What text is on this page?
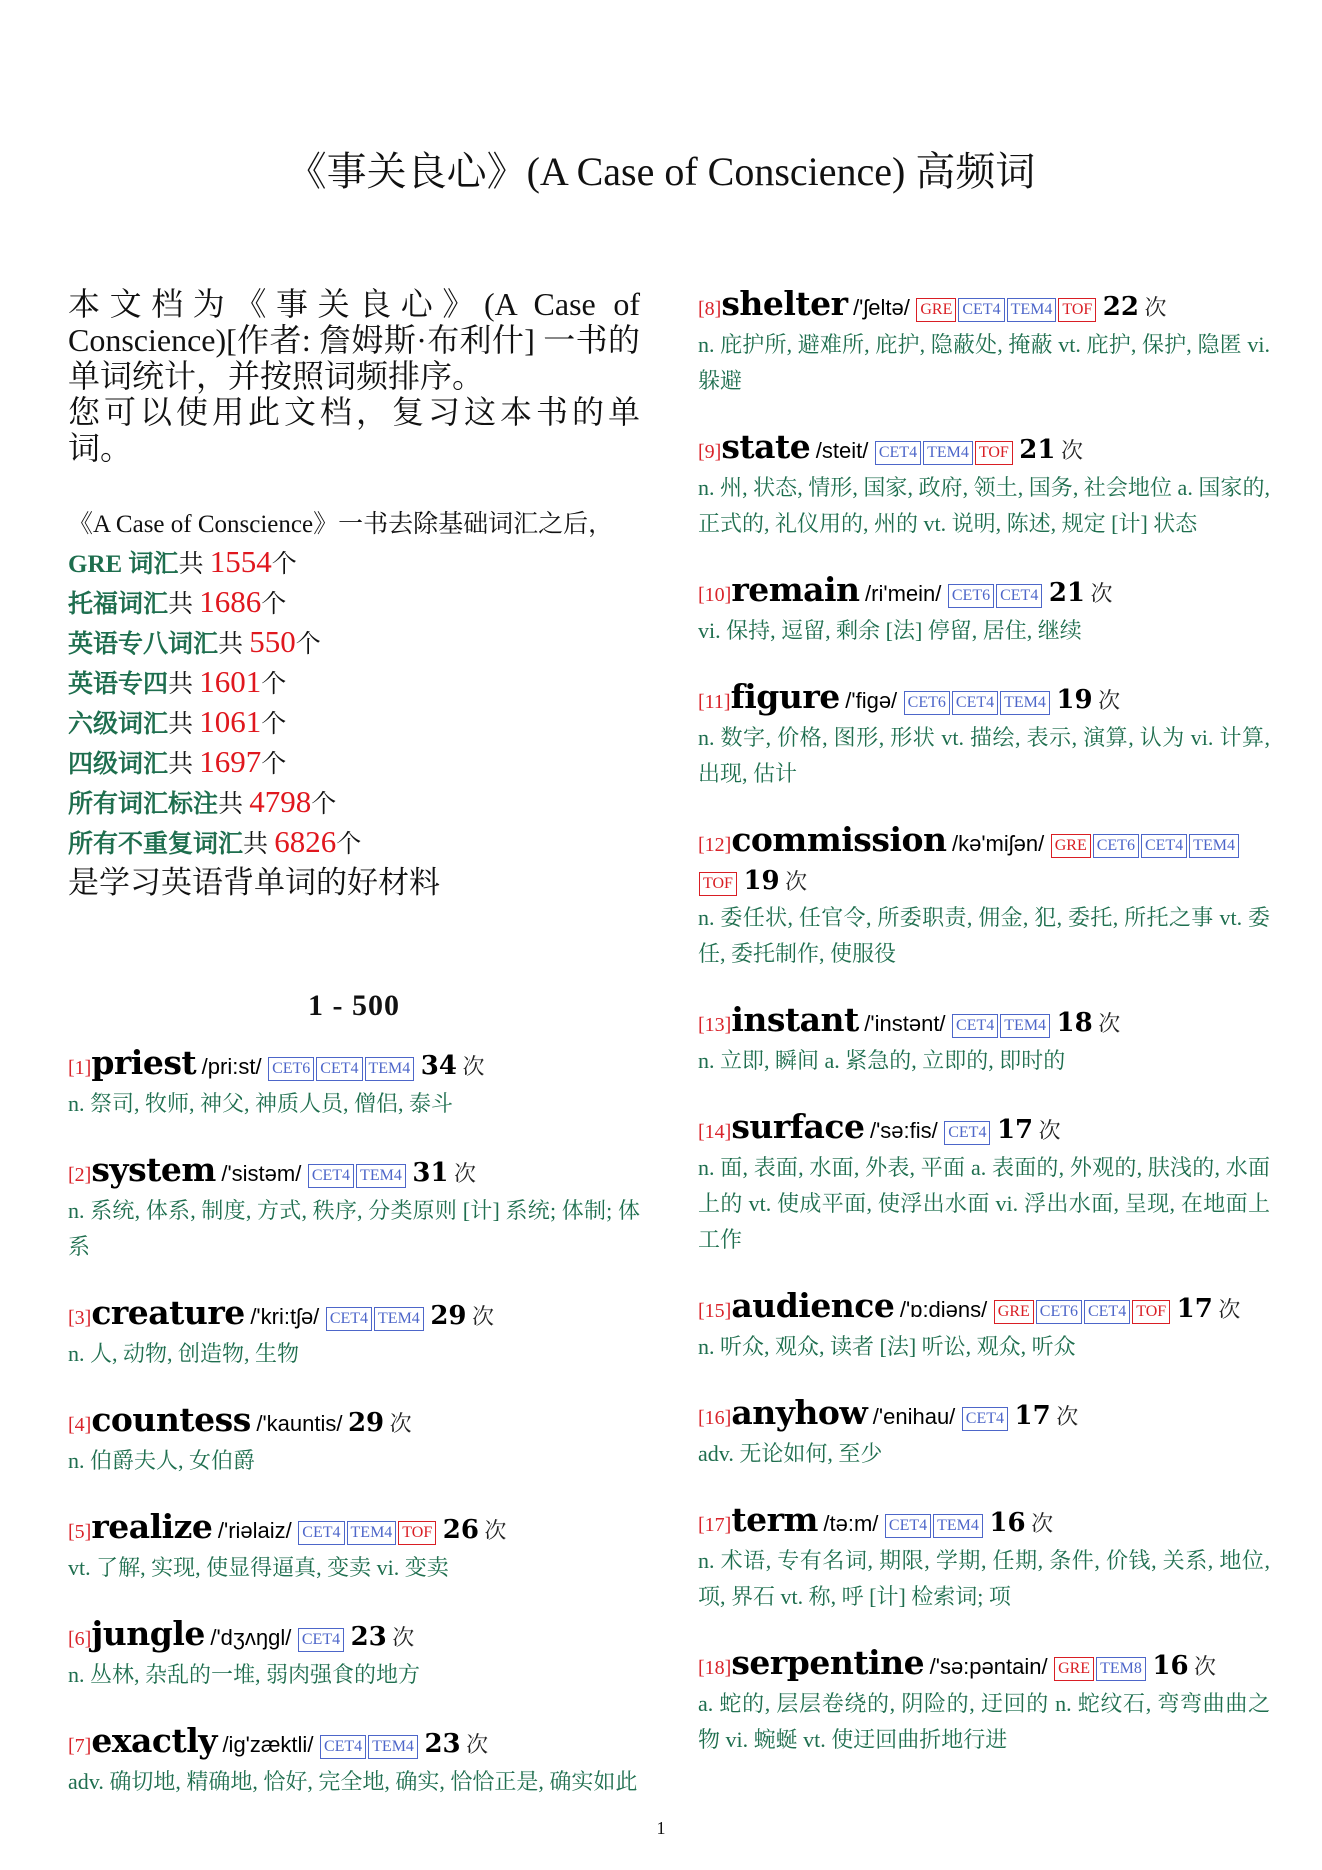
《事关良心》(A Case of Conscience) 高频词

本文档为《事关良心》(A Case of Conscience)[作者: 詹姆斯·布利什] 一书的单词统计，并按照词频排序。

您可以使用此文档，复习这本书的单词。

《A Case of Conscience》一书去除基础词汇之后，
GRE 词汇共 1554个
托福词汇共 1686个
英语专八词汇共 550个
英语专四共 1601个
六级词汇共 1061个
四级词汇共 1697个
所有词汇标注共 4798个
所有不重复词汇共 6826个
是学习英语背单词的好材料
1 - 500
[1]priest /pri:st/ CET6 CET4 TEM4 34 次
n. 祭司, 牧师, 神父, 神质人员, 僧侣, 泰斗
[2]system /'sistəm/ CET4 TEM4 31 次
n. 系统, 体系, 制度, 方式, 秩序, 分类原则 [计] 系统; 体制; 体系
[3]creature /'kri:tʃə/ CET4 TEM4 29 次
n. 人, 动物, 创造物, 生物
[4]countess /'kauntis/ 29 次
n. 伯爵夫人, 女伯爵
[5]realize /'riəlaiz/ CET4 TEM4 TOF 26 次
vt. 了解, 实现, 使显得逼真, 变卖 vi. 变卖
[6]jungle /'dʒʌŋgl/ CET4 23 次
n. 丛林, 杂乱的一堆, 弱肉强食的地方
[7]exactly /ig'zæktli/ CET4 TEM4 23 次
adv. 确切地, 精确地, 恰好, 完全地, 确实, 恰恰正是, 确实如此
[8]shelter /'ʃeltə/ GRE CET4 TEM4 TOF 22 次
n. 庇护所, 避难所, 庇护, 隐蔽处, 掩蔽 vt. 庇护, 保护, 隐匿 vi. 躲避
[9]state /steit/ CET4 TEM4 TOF 21 次
n. 州, 状态, 情形, 国家, 政府, 领土, 国务, 社会地位 a. 国家的, 正式的, 礼仪用的, 州的 vt. 说明, 陈述, 规定 [计] 状态
[10]remain /ri'mein/ CET6 CET4 21 次
vi. 保持, 逗留, 剩余 [法] 停留, 居住, 继续
[11]figure /'figə/ CET6 CET4 TEM4 19 次
n. 数字, 价格, 图形, 形状 vt. 描绘, 表示, 演算, 认为 vi. 计算, 出现, 估计
[12]commission /kə'miʃən/ GRE CET6 CET4 TEM4TOF 19 次
n. 委任状, 任官令, 所委职责, 佣金, 犯, 委托, 所托之事 vt. 委任, 委托制作, 使服役
[13]instant /'instənt/ CET4 TEM4 18 次
n. 立即, 瞬间 a. 紧急的, 立即的, 即时的
[14]surface /'sə:fis/ CET4 17 次
n. 面, 表面, 水面, 外表, 平面 a. 表面的, 外观的, 肤浅的, 水面上的 vt. 使成平面, 使浮出水面 vi. 浮出水面, 呈现, 在地面上工作
[15]audience /'ɒ:diəns/ GRE CET6 CET4 TOF 17 次
n. 听众, 观众, 读者 [法] 听讼, 观众, 听众
[16]anyhow /'enihau/ CET4 17 次
adv. 无论如何, 至少
[17]term /tə:m/ CET4 TEM4 16 次
n. 术语, 专有名词, 期限, 学期, 任期, 条件, 价钱, 关系, 地位, 项, 界石 vt. 称, 呼 [计] 检索词; 项
[18]serpentine /'sə:pəntain/ GRE TEM8 16 次
a. 蛇的, 层层卷绕的, 阴险的, 迂回的 n. 蛇纹石, 弯弯曲曲之物 vi. 蜿蜒 vt. 使迂回曲折地行进
1
